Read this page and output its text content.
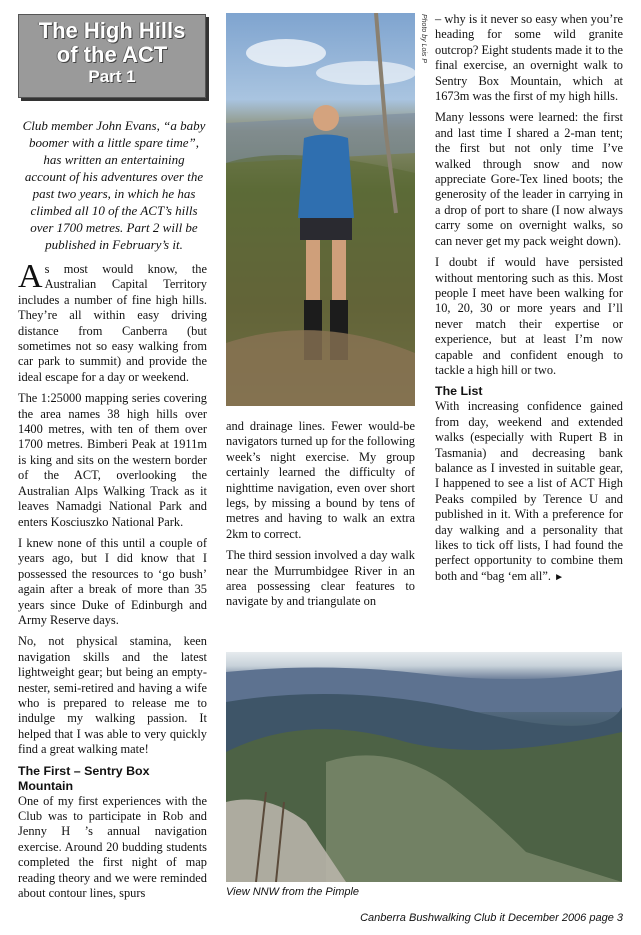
The High Hills
of the ACT
Part 1
Club member John Evans, “a baby boomer with a little spare time”, has written an entertaining account of his adventures over the past two years, in which he has climbed all 10 of the ACT’s hills over 1700 metres. Part 2 will be published in February’s it.

As most would know, the Australian Capital Territory includes a number of fine high hills. They’re all within easy driving distance from Canberra (but sometimes not so easy walking from car park to summit) and provide the ideal escape for a day or weekend.

The 1:25000 mapping series covering the area names 38 high hills over 1400 metres, with ten of them over 1700 metres. Bimberi Peak at 1911m is king and sits on the western border of the ACT, overlooking the Australian Alps Walking Track as it leaves Namadgi National Park and enters Kosciuszko National Park.

I knew none of this until a couple of years ago, but I did know that I possessed the resources to ‘go bush’ again after a break of more than 35 years since Duke of Edinburgh and Army Reserve days.

No, not physical stamina, keen navigation skills and the latest lightweight gear; but being an empty-nester, semi-retired and having a wife who is prepared to release me to indulge my walking passion. It helped that I was able to very quickly find a great walking mate!

The First – Sentry Box Mountain

One of my first experiences with the Club was to participate in Rob and Jenny H ’s annual navigation exercise. Around 20 budding students completed the first night of map reading theory and we were reminded about contour lines, spurs

Photo by Lois P

and drainage lines. Fewer would-be navigators turned up for the following week’s night exercise. My group certainly learned the difficulty of nighttime navigation, even over short legs, by missing a bound by tens of metres and having to walk an extra 2km to correct.

The third session involved a day walk near the Murrumbidgee River in an area possessing clear features to navigate by and triangulate on

– why is it never so easy when you’re heading for some wild granite outcrop? Eight students made it to the final exercise, an overnight walk to Sentry Box Mountain, which at 1673m was the first of my high hills.

Many lessons were learned: the first and last time I shared a 2-man tent; the first but not only time I’ve walked through snow and now appreciate Gore-Tex lined boots; the generosity of the leader in carrying in a drop of port to share (I now always carry some on overnight walks, so can never get my pack weight down).

I doubt if would have persisted without mentoring such as this. Most people I meet have been walking for 10, 20, 30 or more years and I’ll never match their expertise or experience, but at least I’m now capable and confident enough to tackle a high hill or two.

The List

With increasing confidence gained from day, weekend and extended walks (especially with Rupert B in Tasmania) and decreasing bank balance as I invested in suitable gear, I happened to see a list of ACT High Peaks compiled by Terence U and published in it. With a preference for day walking and a personality that likes to tick off lists, I had found the perfect opportunity to combine them both and “bag ‘em all”. ►

View NNW from the Pimple
Canberra Bushwalking Club it December 2006 page 3
